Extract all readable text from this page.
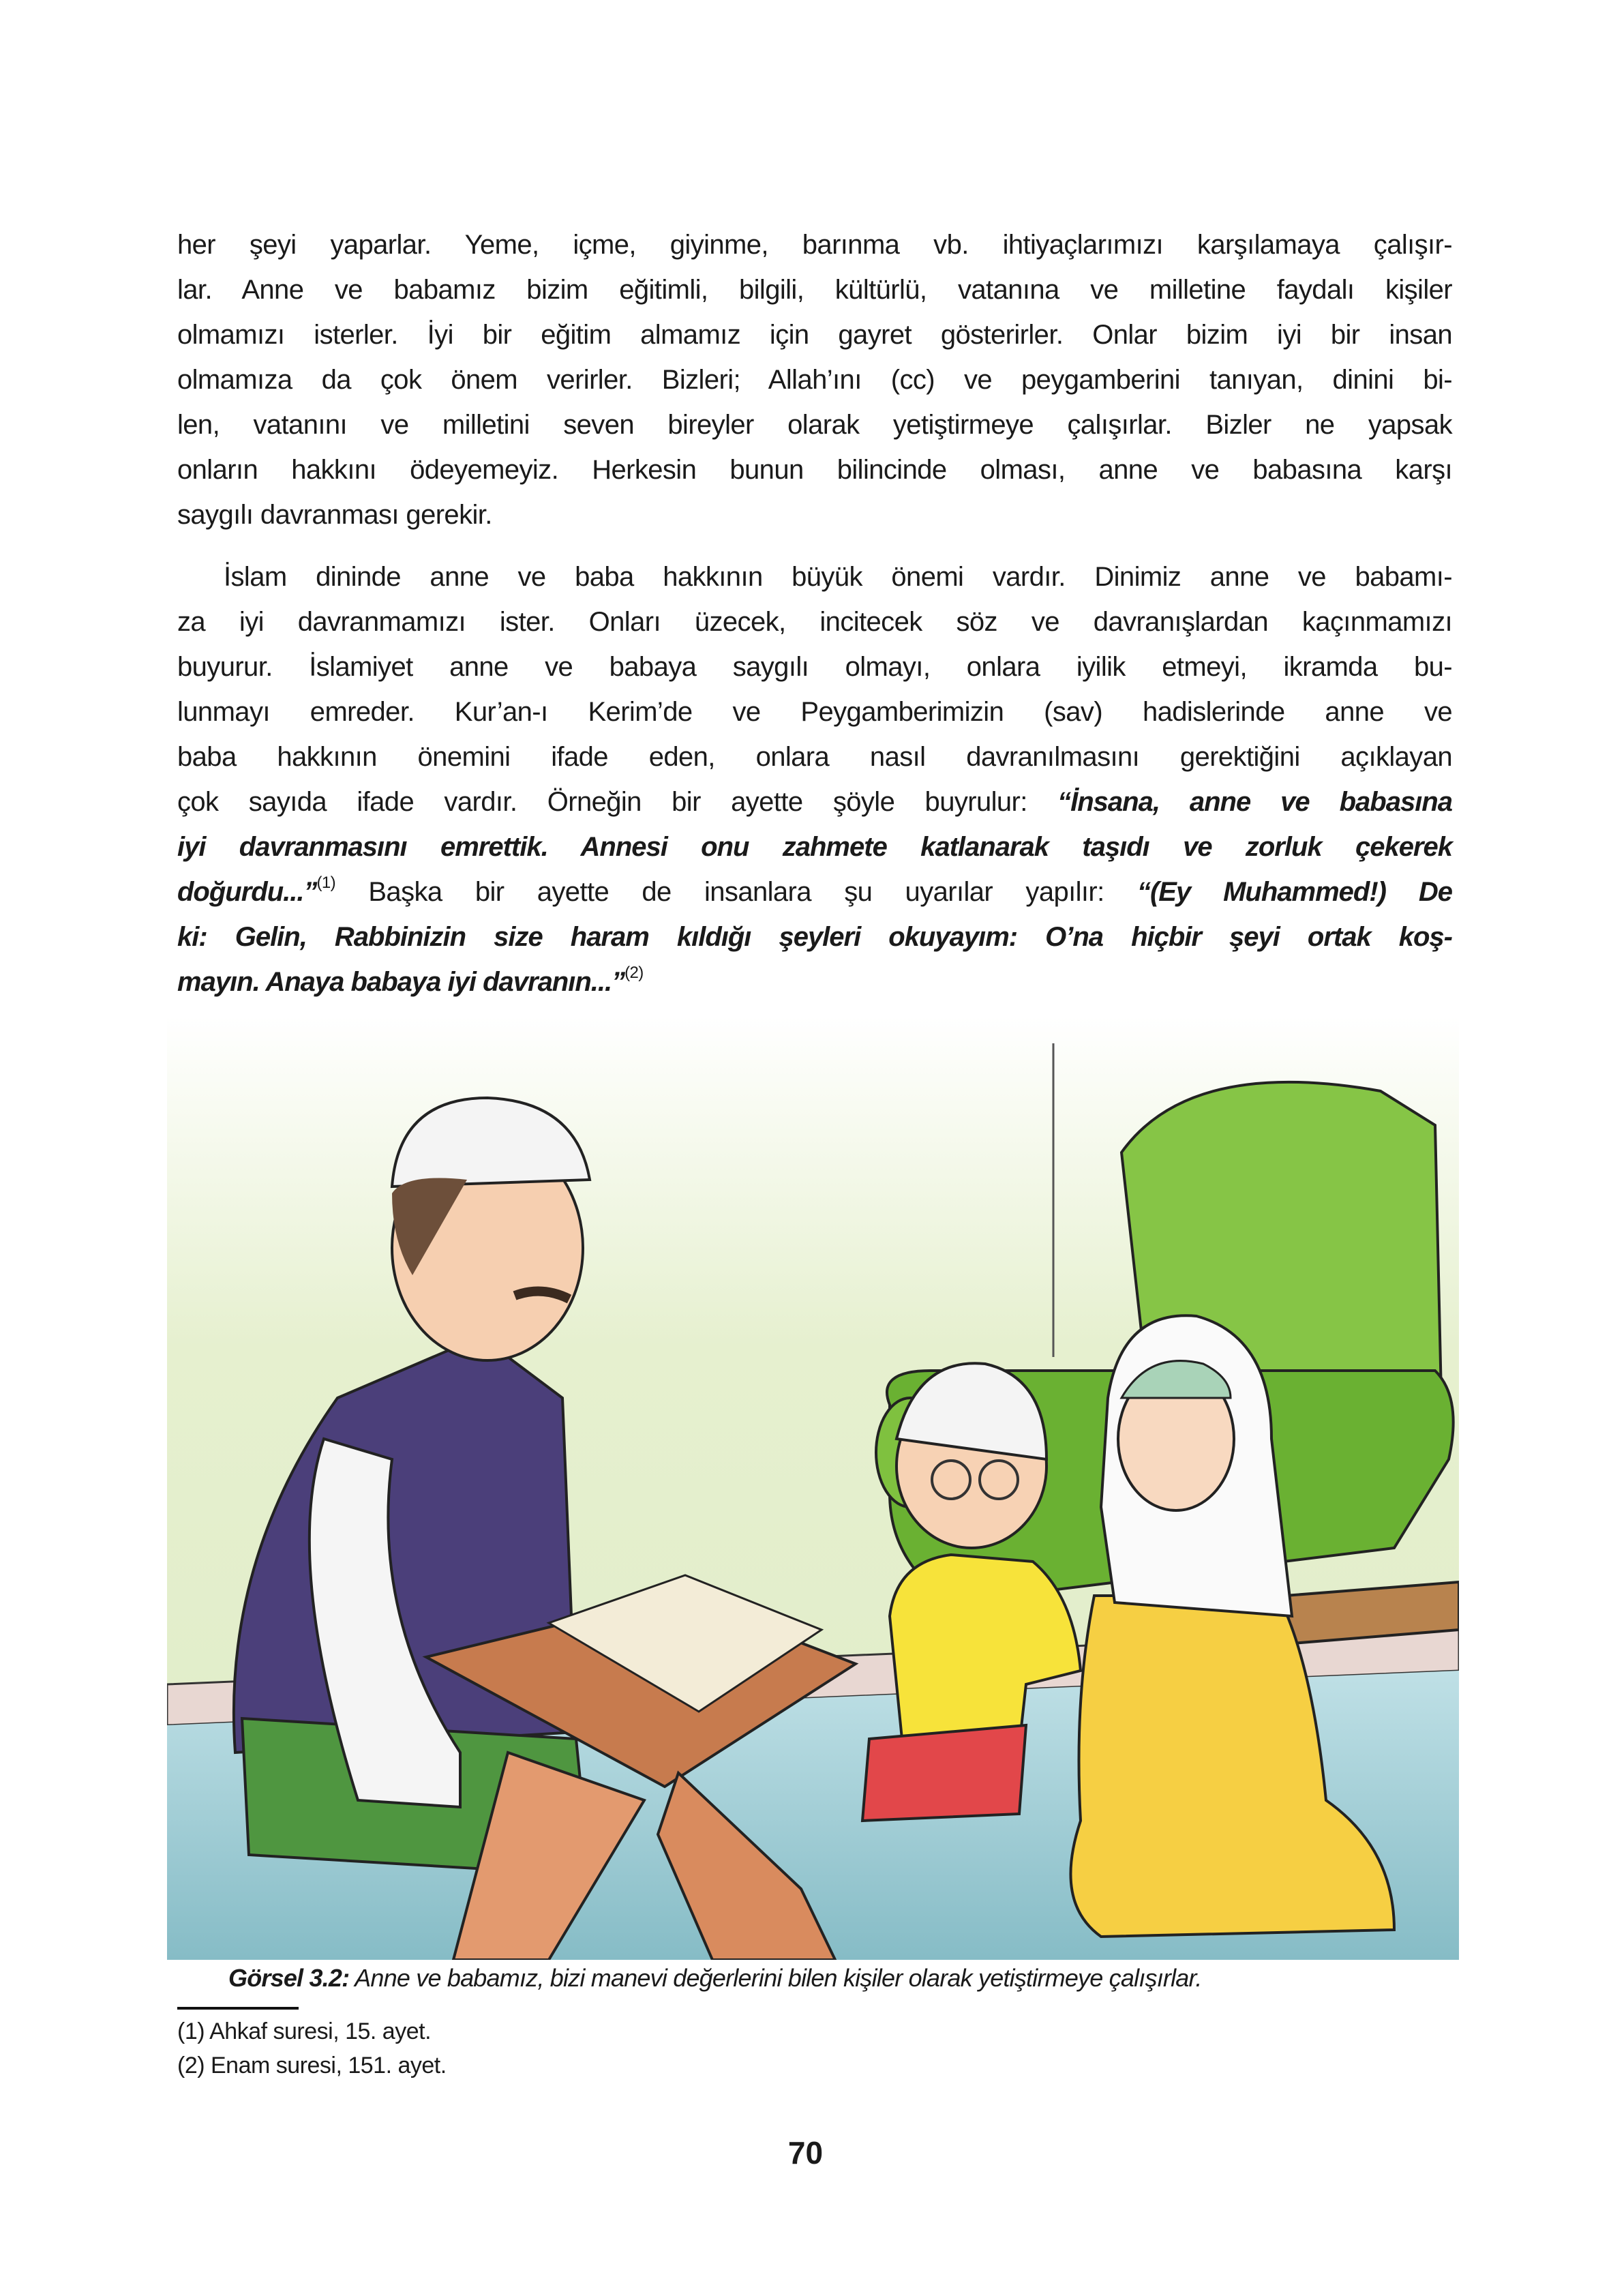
her şeyi yaparlar. Yeme, içme, giyinme, barınma vb. ihtiyaçlarımızı karşılamaya çalışır-
lar. Anne ve babamız bizim eğitimli, bilgili, kültürlü, vatanına ve milletine faydalı kişiler
olmamızı isterler. İyi bir eğitim almamız için gayret gösterirler. Onlar bizim iyi bir insan
olmamıza da çok önem verirler. Bizleri; Allah’ını (cc) ve peygamberini tanıyan, dinini bi-
len, vatanını ve milletini seven bireyler olarak yetiştirmeye çalışırlar. Bizler ne yapsak
onların hakkını ödeyemeyiz. Herkesin bunun bilincinde olması, anne ve babasına karşı
saygılı davranması gerekir.
İslam dininde anne ve baba hakkının büyük önemi vardır. Dinimiz anne ve babamı-
za iyi davranmamızı ister. Onları üzecek, incitecek söz ve davranışlardan kaçınmamızı
buyurur. İslamiyet anne ve babaya saygılı olmayı, onlara iyilik etmeyi, ikramda bu-
lunmayı emreder. Kur’an-ı Kerim’de ve Peygamberimizin (sav) hadislerinde anne ve
baba hakkının önemini ifade eden, onlara nasıl davranılmasını gerektiğini açıklayan
çok sayıda ifade vardır. Örneğin bir ayette şöyle buyrulur: “İnsana, anne ve babasına
iyi davranmasını emrettik. Annesi onu zahmete katlanarak taşıdı ve zorluk çekerek
doğurdu...”$^{(1)}$ Başka bir ayette de insanlara şu uyarılar yapılır: “(Ey Muhammed!) De
ki: Gelin, Rabbinizin size haram kıldığı şeyleri okuyayım: O’na hiçbir şeyi ortak koş-
mayın. Anaya babaya iyi davranın...”$^{(2)}$
Görsel 3.2: Anne ve babamız, bizi manevi değerlerini bilen kişiler olarak yetiştirmeye çalışırlar.
(1) Ahkaf suresi, 15. ayet.
(2) Enam suresi, 151. ayet.
70
